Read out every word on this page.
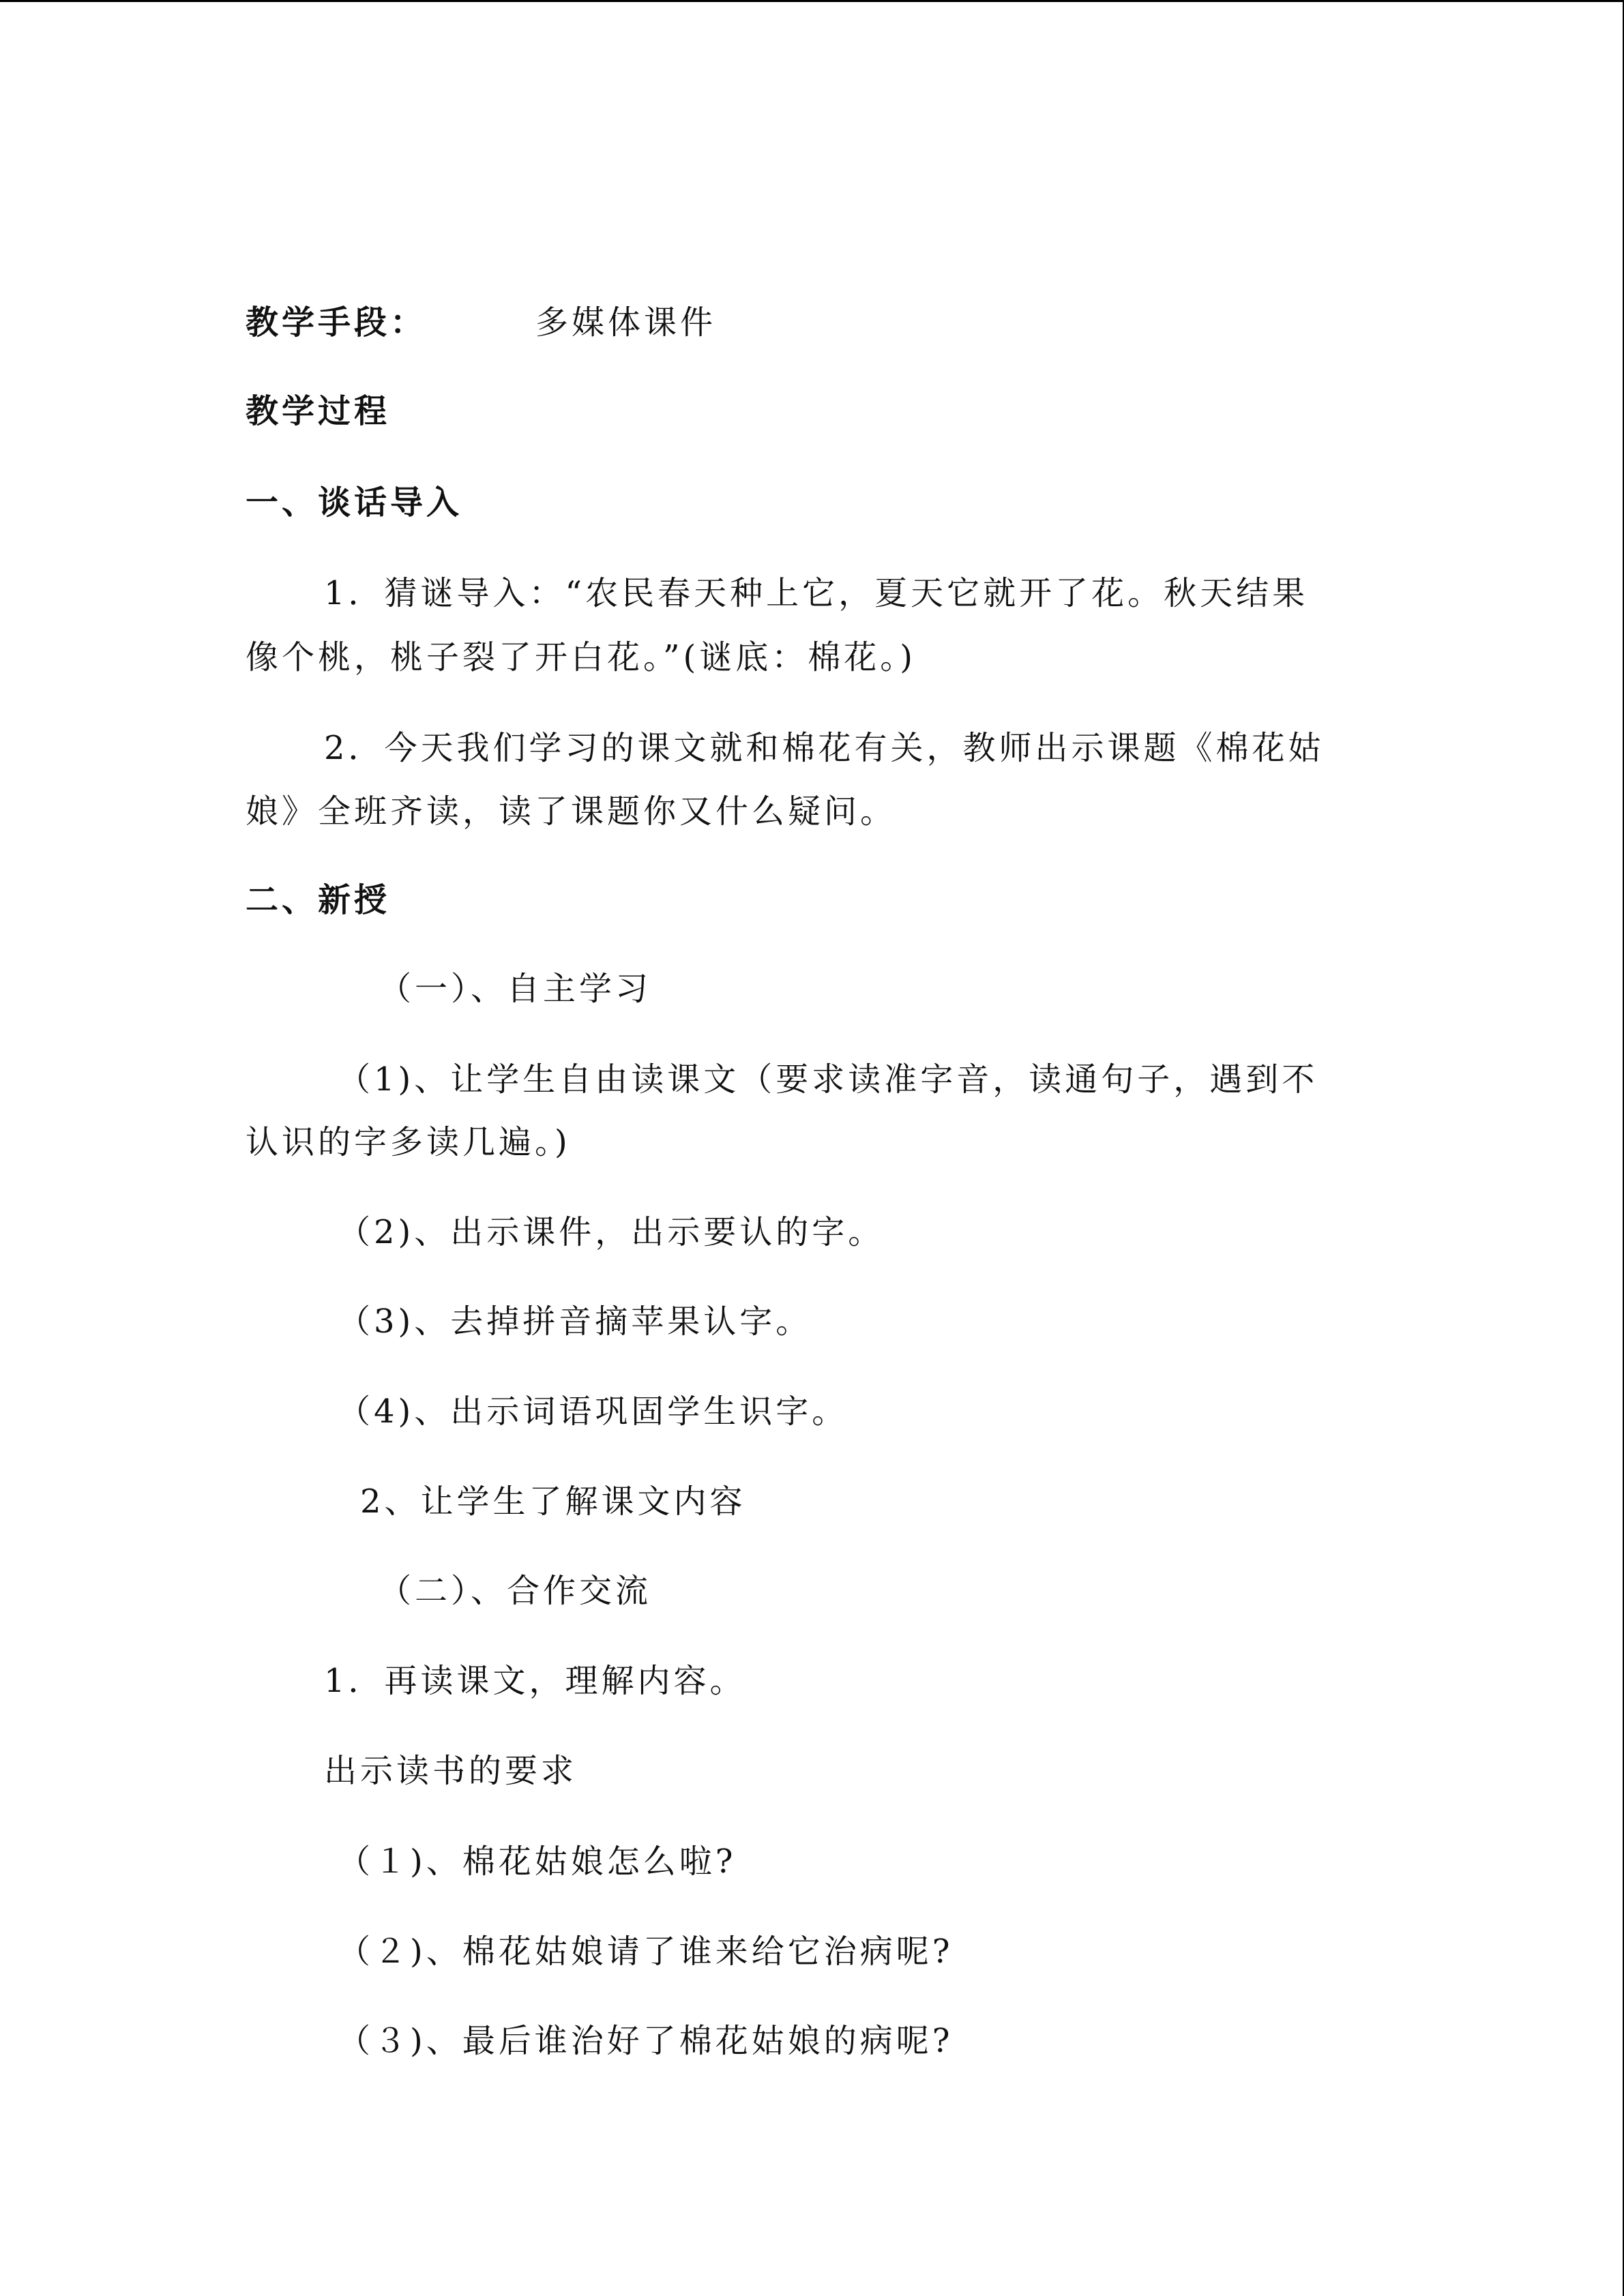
教学手段：	多媒体课件
教学过程
一、谈话导入
1．猜谜导入：“农民春天种上它，夏天它就开了花。秋天结果
像个桃，桃子裂了开白花。”(谜底：棉花。)
2．今天我们学习的课文就和棉花有关，教师出示课题《棉花姑
娘》全班齐读，读了课题你又什么疑问。
二、新授
（一）、自主学习
（1)、让学生自由读课文（要求读准字音，读通句子，遇到不
认识的字多读几遍。)
（2)、出示课件，出示要认的字。
（3)、去掉拼音摘苹果认字。
（4)、出示词语巩固学生识字。
2、让学生了解课文内容
（二）、合作交流
1．再读课文，理解内容。
出示读书的要求
（１)、棉花姑娘怎么啦?
（２)、棉花姑娘请了谁来给它治病呢?
（３)、最后谁治好了棉花姑娘的病呢?
